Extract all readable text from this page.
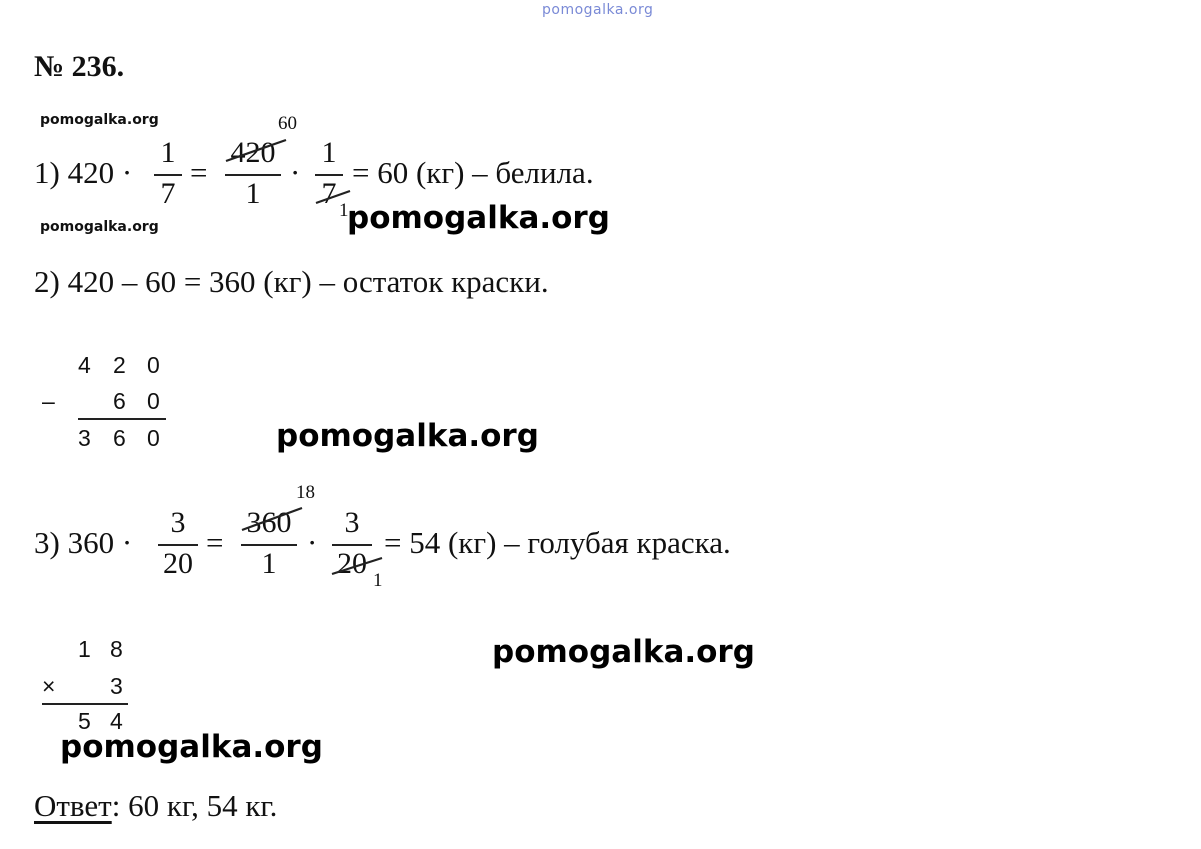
pomogalka.org
pomogalka.org
pomogalka.org	pomogalka.org
pomogalka.org
pomogalka.org
pomogalka.org
№ 236.
1) 420 ·
1
7
=
420
1
60
·
1
7
1
= 60 (кг) – белила.
2) 420 – 60 = 360 (кг) – остаток краски.
4 2 0
–	6 0
3 6 0
3) 360 ·
3
20
=
360
1
18
·
3
20
1
= 54 (кг) – голубая краска.
1 8
× 3
5 4
Ответ: 60 кг, 54 кг.
